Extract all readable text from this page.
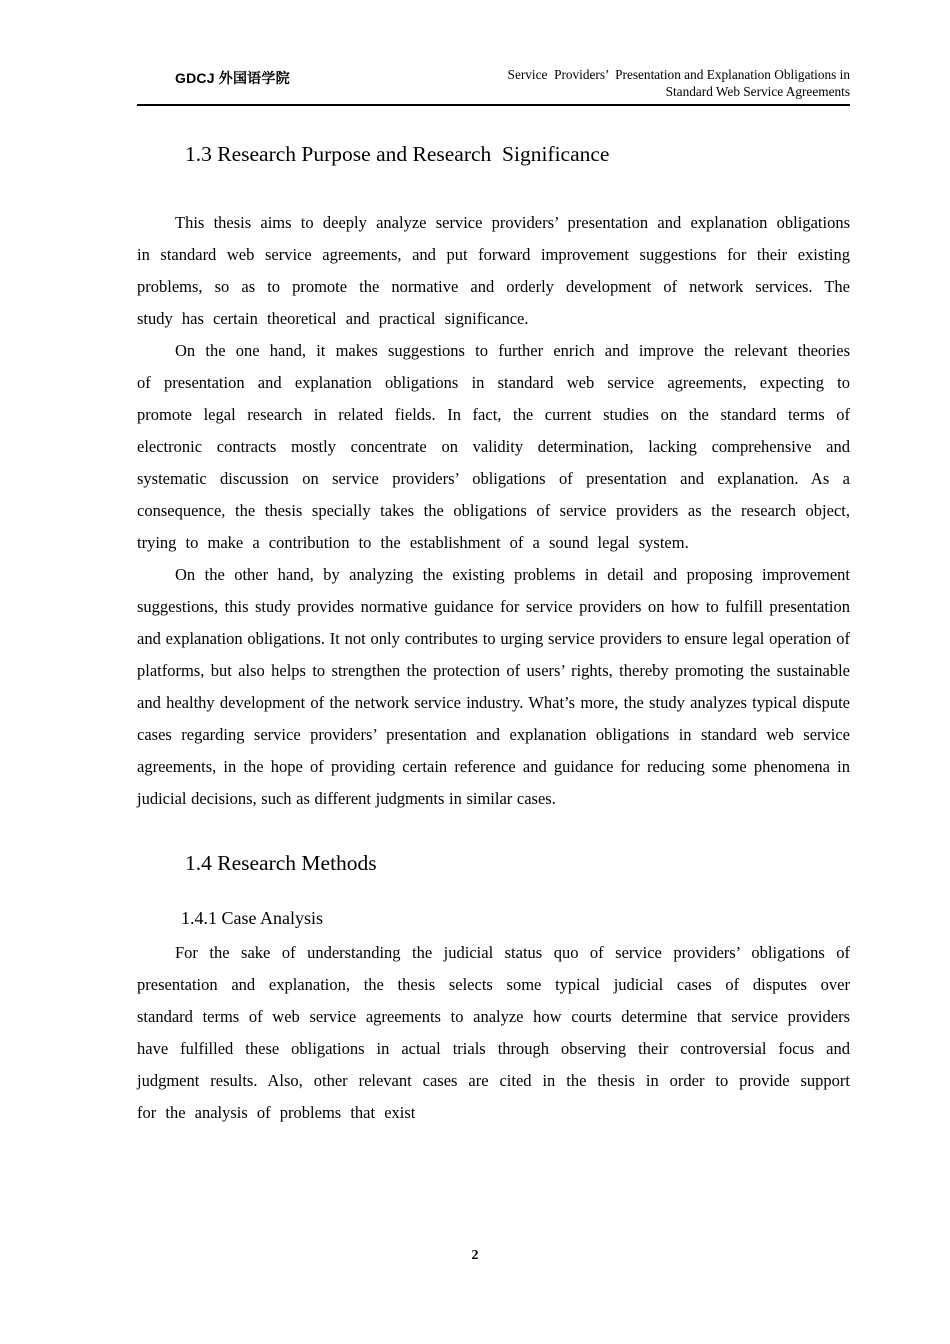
GDCJ 外国语学院	Service  Providers’  Presentation and Explanation Obligations in
Standard Web Service Agreements
1.3 Research Purpose and Research  Significance

This thesis aims to deeply analyze service providers’ presentation and explanation obligations in standard web service agreements, and put forward improvement suggestions for their existing problems, so as to promote the normative and orderly development of network services. The study has certain theoretical and practical significance.

On the one hand, it makes suggestions to further enrich and improve the relevant theories of presentation and explanation obligations in standard web service agreements, expecting to promote legal research in related fields. In fact, the current studies on the standard terms of electronic contracts mostly concentrate on validity determination, lacking comprehensive and systematic discussion on service providers’ obligations of presentation and explanation. As a consequence, the thesis specially takes the obligations of service providers as the research object, trying to make a contribution to the establishment of a sound legal system.

On the other hand, by analyzing the existing problems in detail and proposing improvement suggestions, this study provides normative guidance for service providers on how to fulfill presentation and explanation obligations. It not only contributes to urging service providers to ensure legal operation of platforms, but also helps to strengthen the protection of users’ rights, thereby promoting the sustainable and healthy development of the network service industry. What’s more, the study analyzes typical dispute cases regarding service providers’ presentation and explanation obligations in standard web service agreements, in the hope of providing certain reference and guidance for reducing some phenomena in judicial decisions, such as different judgments in similar cases.

1.4 Research Methods
1.4.1 Case Analysis

For the sake of understanding the judicial status quo of service providers’ obligations of presentation and explanation, the thesis selects some typical judicial cases of disputes over standard terms of web service agreements to analyze how courts determine that service providers have fulfilled these obligations in actual trials through observing their controversial focus and judgment results. Also, other relevant cases are cited in the thesis in order to provide support for the analysis of problems that exist

2
